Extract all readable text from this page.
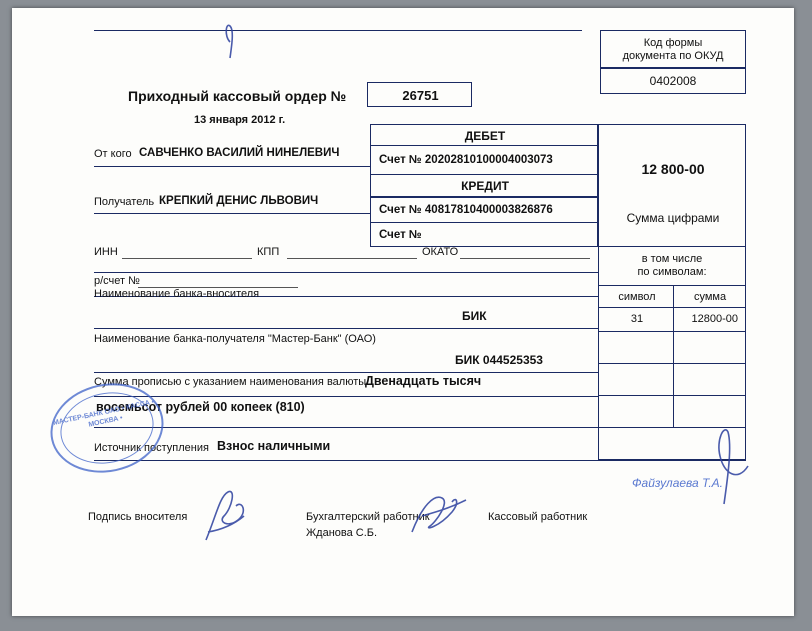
Код формы
документа по ОКУД
0402008
Приходный кассовый ордер №	26751
13 января 2012 г.
ДЕБЕТ
От кого САВЧЕНКО ВАСИЛИЙ НИНЕЛЕВИЧ
Счет № 20202810100004003073
КРЕДИТ
Получатель КРЕПКИЙ ДЕНИС ЛЬВОВИЧ
Счет № 40817810400003826876
Счет №
12 800-00
Сумма цифрами
в том числе
по символам:
символ	сумма
31	12800-00
ИНН	КПП	ОКАТО
р/счет №
Наименование банка-вносителя
БИК
Наименование банка-получателя "Мастер-Банк" (ОАО)
БИК 044525353
Сумма прописью с указанием наименования валюты
Двенадцать тысяч
восемьсот рублей 00 копеек (810)
Источник поступления Взнос наличными
Подпись вносителя	Бухгалтерский работник
Жданова С.Б.
Кассовый работник
МАСТЕР-БАНК ОАО • КАССА • МОСКВА •
Файзулаева Т.А.
